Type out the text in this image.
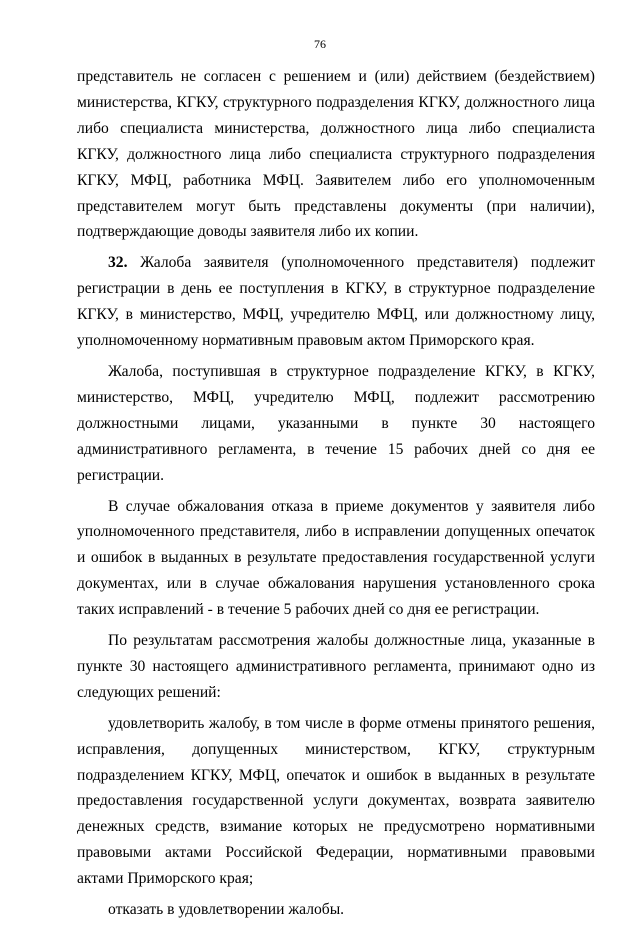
76

представитель не согласен с решением и (или) действием (бездействием) министерства, КГКУ, структурного подразделения КГКУ, должностного лица либо специалиста министерства, должностного лица либо специалиста КГКУ, должностного лица либо специалиста структурного подразделения КГКУ, МФЦ, работника МФЦ. Заявителем либо его уполномоченным представителем могут быть представлены документы (при наличии), подтверждающие доводы заявителя либо их копии.

32. Жалоба заявителя (уполномоченного представителя) подлежит регистрации в день ее поступления в КГКУ, в структурное подразделение КГКУ, в министерство, МФЦ, учредителю МФЦ, или должностному лицу, уполномоченному нормативным правовым актом Приморского края.

Жалоба, поступившая в структурное подразделение КГКУ, в КГКУ, министерство, МФЦ, учредителю МФЦ, подлежит рассмотрению должностными лицами, указанными в пункте 30 настоящего административного регламента, в течение 15 рабочих дней со дня ее регистрации.

В случае обжалования отказа в приеме документов у заявителя либо уполномоченного представителя, либо в исправлении допущенных опечаток и ошибок в выданных в результате предоставления государственной услуги документах, или в случае обжалования нарушения установленного срока таких исправлений - в течение 5 рабочих дней со дня ее регистрации.

По результатам рассмотрения жалобы должностные лица, указанные в пункте 30 настоящего административного регламента, принимают одно из следующих решений:

удовлетворить жалобу, в том числе в форме отмены принятого решения, исправления, допущенных министерством, КГКУ, структурным подразделением КГКУ, МФЦ, опечаток и ошибок в выданных в результате предоставления государственной услуги документах, возврата заявителю денежных средств, взимание которых не предусмотрено нормативными правовыми актами Российской Федерации, нормативными правовыми актами Приморского края;

отказать в удовлетворении жалобы.
